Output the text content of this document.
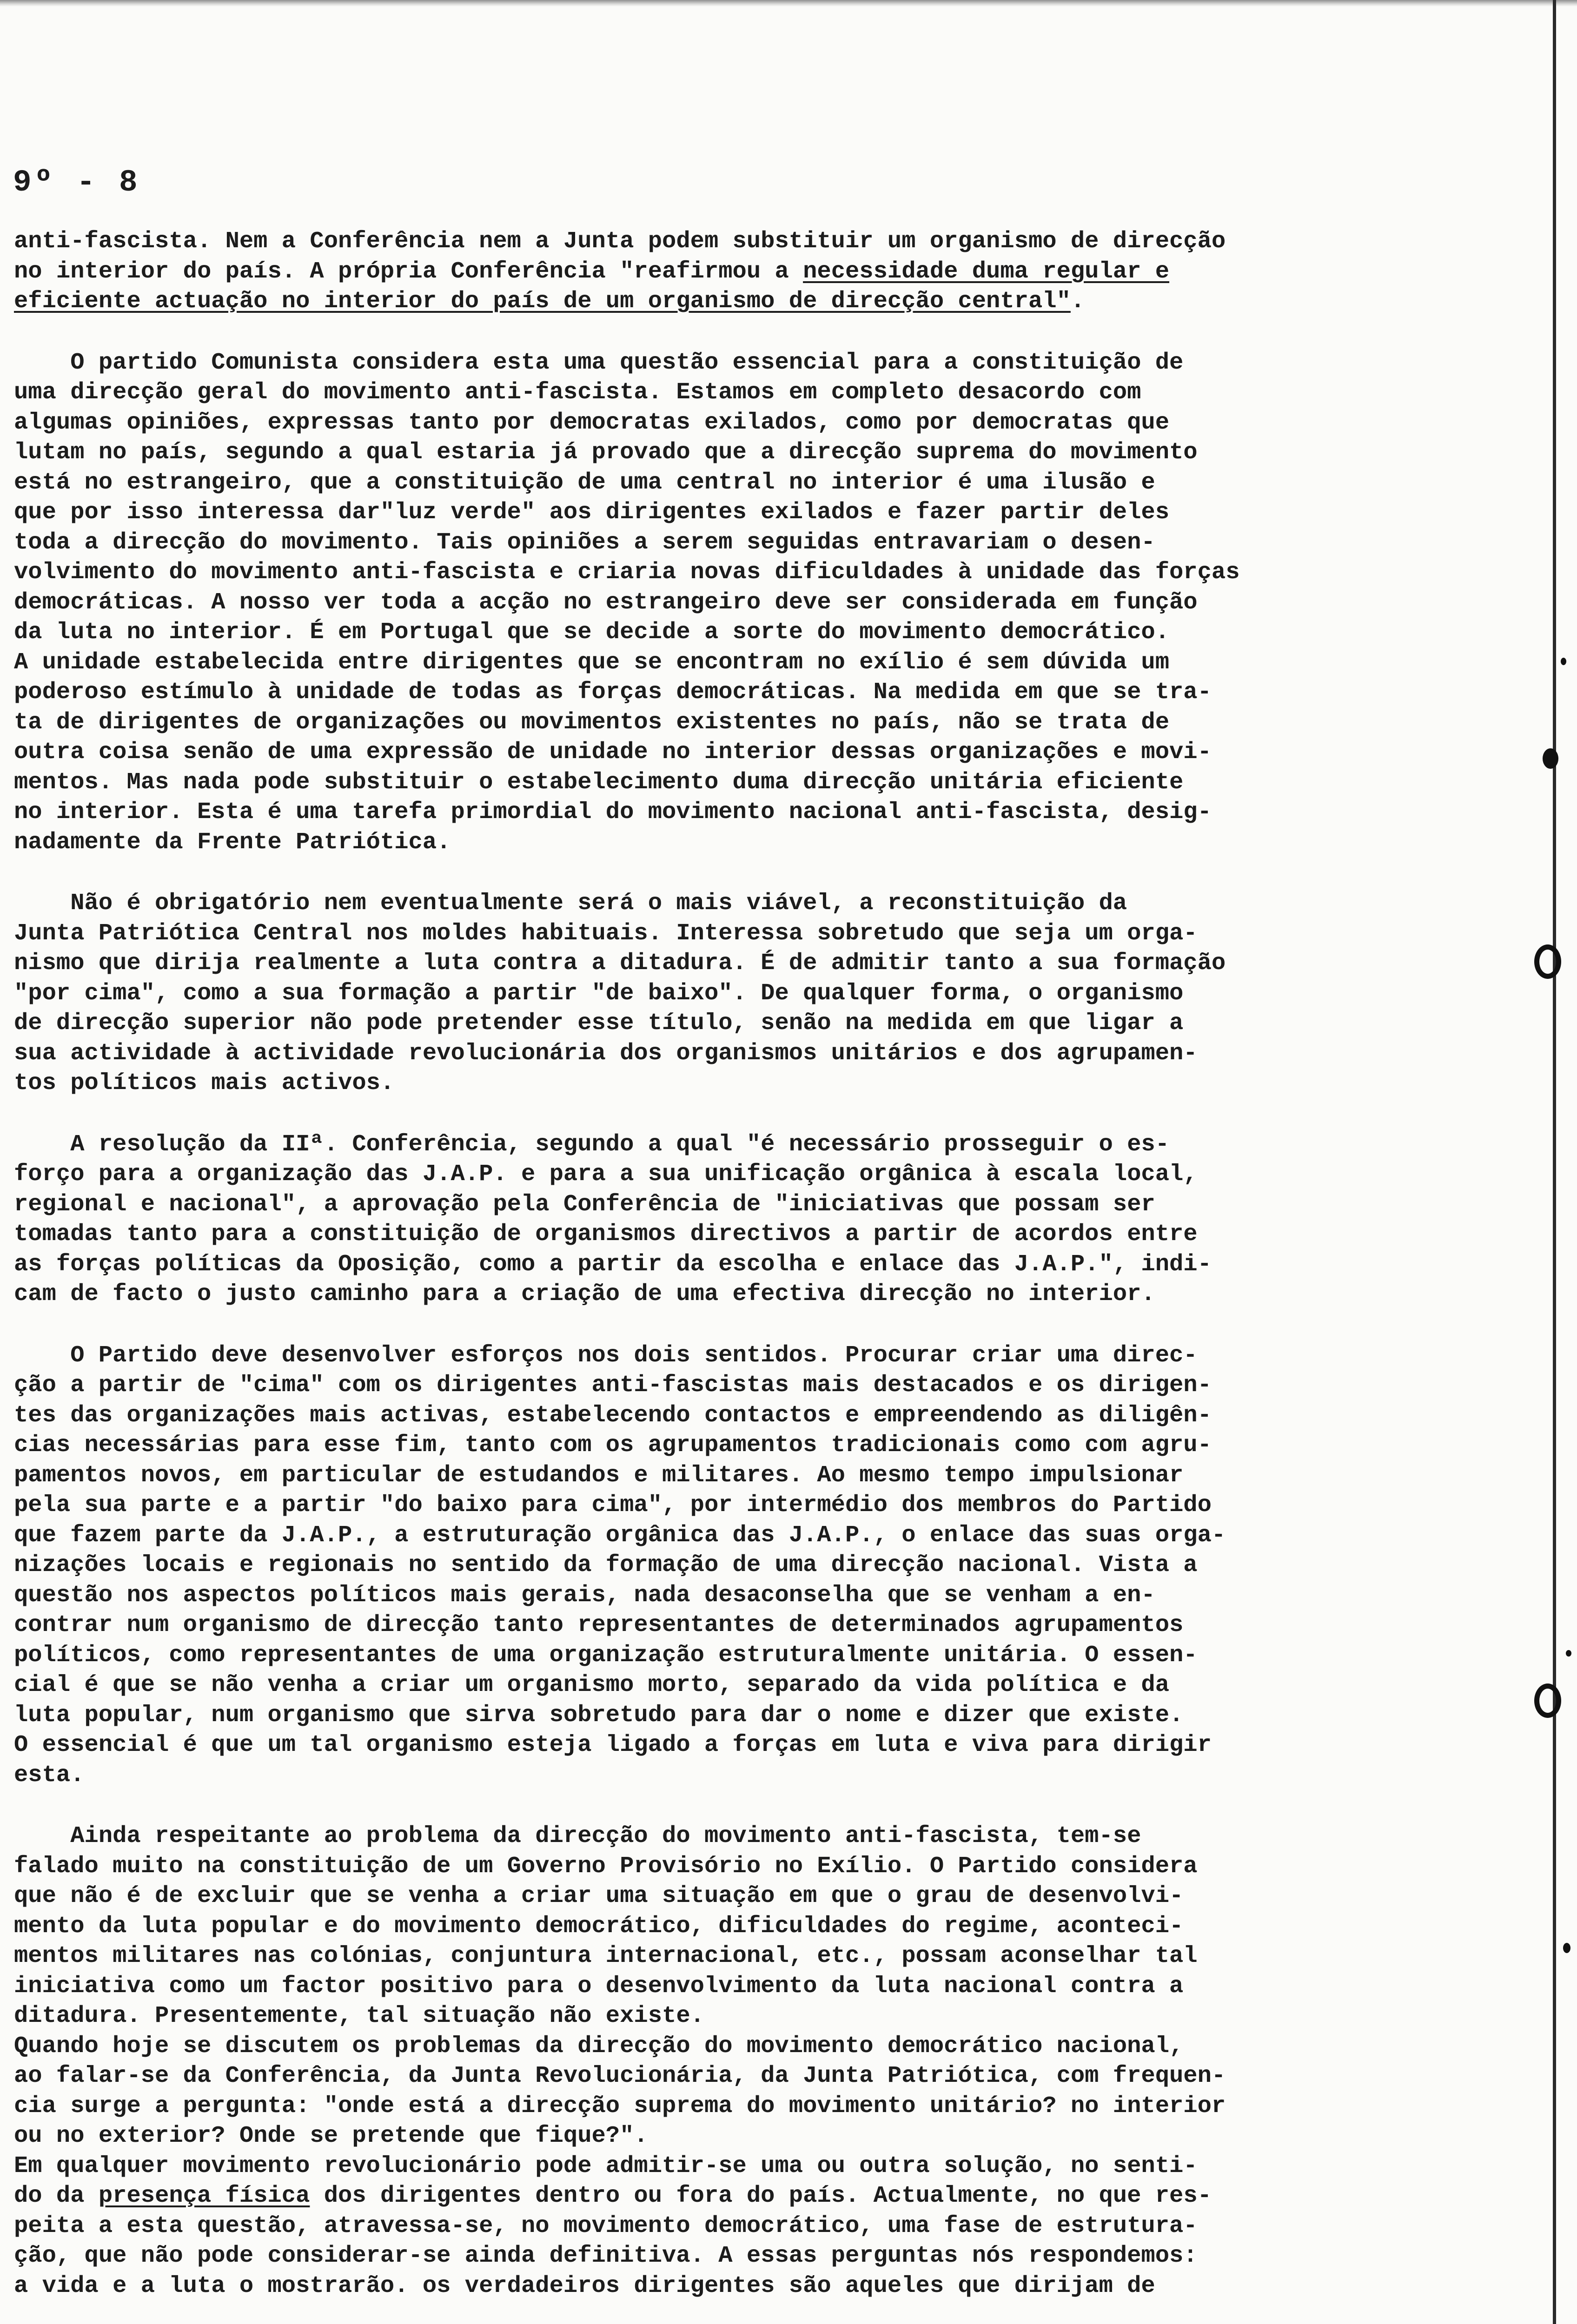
9º - 8
anti-fascista. Nem a Conferência nem a Junta podem substituir um organismo de direcção
no interior do país. A própria Conferência "reafirmou a necessidade duma regular e
eficiente actuação no interior do país de um organismo de direcção central".
O partido Comunista considera esta uma questão essencial para a constituição de
uma direcção geral do movimento anti-fascista. Estamos em completo desacordo com
algumas opiniões, expressas tanto por democratas exilados, como por democratas que
lutam no país, segundo a qual estaria já provado que a direcção suprema do movimento
está no estrangeiro, que a constituição de uma central no interior é uma ilusão e
que por isso interessa dar"luz verde" aos dirigentes exilados e fazer partir deles
toda a direcção do movimento. Tais opiniões a serem seguidas entravariam o desen-
volvimento do movimento anti-fascista e criaria novas dificuldades à unidade das forças
democráticas. A nosso ver toda a acção no estrangeiro deve ser considerada em função
da luta no interior. É em Portugal que se decide a sorte do movimento democrático.
A unidade estabelecida entre dirigentes que se encontram no exílio é sem dúvida um
poderoso estímulo à unidade de todas as forças democráticas. Na medida em que se tra-
ta de dirigentes de organizações ou movimentos existentes no país, não se trata de
outra coisa senão de uma expressão de unidade no interior dessas organizações e movi-
mentos. Mas nada pode substituir o estabelecimento duma direcção unitária eficiente
no interior. Esta é uma tarefa primordial do movimento nacional anti-fascista, desig-
nadamente da Frente Patriótica.
Não é obrigatório nem eventualmente será o mais viável, a reconstituição da
Junta Patriótica Central nos moldes habituais. Interessa sobretudo que seja um orga-
nismo que dirija realmente a luta contra a ditadura. É de admitir tanto a sua formação
"por cima", como a sua formação a partir "de baixo". De qualquer forma, o organismo
de direcção superior não pode pretender esse título, senão na medida em que ligar a
sua actividade à actividade revolucionária dos organismos unitários e dos agrupamen-
tos políticos mais activos.
A resolução da IIª. Conferência, segundo a qual "é necessário prosseguir o es-
forço para a organização das J.A.P. e para a sua unificação orgânica à escala local,
regional e nacional", a aprovação pela Conferência de "iniciativas que possam ser
tomadas tanto para a constituição de organismos directivos a partir de acordos entre
as forças políticas da Oposição, como a partir da escolha e enlace das J.A.P.", indi-
cam de facto o justo caminho para a criação de uma efectiva direcção no interior.
O Partido deve desenvolver esforços nos dois sentidos. Procurar criar uma direc-
ção a partir de "cima" com os dirigentes anti-fascistas mais destacados e os dirigen-
tes das organizações mais activas, estabelecendo contactos e empreendendo as diligên-
cias necessárias para esse fim, tanto com os agrupamentos tradicionais como com agru-
pamentos novos, em particular de estudandos e militares. Ao mesmo tempo impulsionar
pela sua parte e a partir "do baixo para cima", por intermédio dos membros do Partido
que fazem parte da J.A.P., a estruturação orgânica das J.A.P., o enlace das suas orga-
nizações locais e regionais no sentido da formação de uma direcção nacional. Vista a
questão nos aspectos políticos mais gerais, nada desaconselha que se venham a en-
contrar num organismo de direcção tanto representantes de determinados agrupamentos
políticos, como representantes de uma organização estruturalmente unitária. O essen-
cial é que se não venha a criar um organismo morto, separado da vida política e da
luta popular, num organismo que sirva sobretudo para dar o nome e dizer que existe.
O essencial é que um tal organismo esteja ligado a forças em luta e viva para dirigir
esta.
Ainda respeitante ao problema da direcção do movimento anti-fascista, tem-se
falado muito na constituição de um Governo Provisório no Exílio. O Partido considera
que não é de excluir que se venha a criar uma situação em que o grau de desenvolvi-
mento da luta popular e do movimento democrático, dificuldades do regime, aconteci-
mentos militares nas colónias, conjuntura internacional, etc., possam aconselhar tal
iniciativa como um factor positivo para o desenvolvimento da luta nacional contra a
ditadura. Presentemente, tal situação não existe.
Quando hoje se discutem os problemas da direcção do movimento democrático nacional,
ao falar-se da Conferência, da Junta Revolucionária, da Junta Patriótica, com frequen-
cia surge a pergunta: "onde está a direcção suprema do movimento unitário? no interior
ou no exterior? Onde se pretende que fique?".
Em qualquer movimento revolucionário pode admitir-se uma ou outra solução, no senti-
do da presença física dos dirigentes dentro ou fora do país. Actualmente, no que res-
peita a esta questão, atravessa-se, no movimento democrático, uma fase de estrutura-
ção, que não pode considerar-se ainda definitiva. A essas perguntas nós respondemos:
a vida e a luta o mostrarão. os verdadeiros dirigentes são aqueles que dirijam de
